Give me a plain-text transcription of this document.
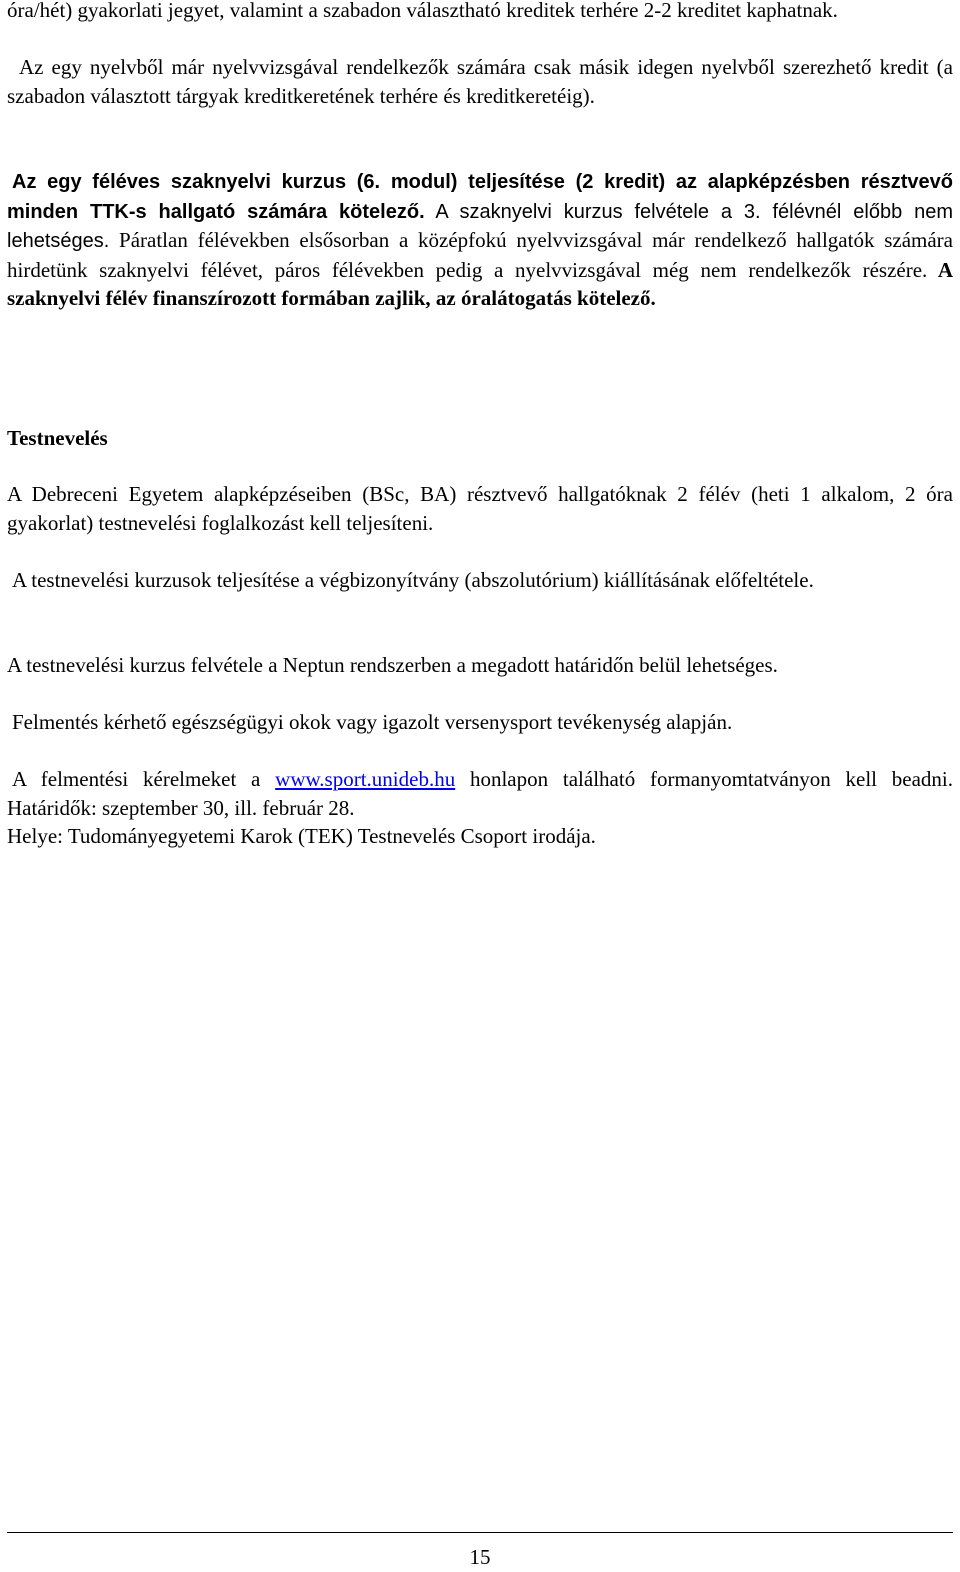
óra/hét) gyakorlati jegyet, valamint a szabadon választható kreditek terhére 2-2 kreditet kaphatnak.

Az egy nyelvből már nyelvvizsgával rendelkezők számára csak másik idegen nyelvből szerezhető kredit (a szabadon választott tárgyak kreditkeretének terhére és kreditkeretéig).

Az egy féléves szaknyelvi kurzus (6. modul) teljesítése (2 kredit) az alapképzésben résztvevő minden TTK-s hallgató számára kötelező. A szaknyelvi kurzus felvétele a 3. félévnél előbb nem lehetséges. Páratlan félévekben elsősorban a középfokú nyelvvizsgával már rendelkező hallgatók számára hirdetünk szaknyelvi félévet, páros félévekben pedig a nyelvvizsgával még nem rendelkezők részére. A szaknyelvi félév finanszírozott formában zajlik, az óralátogatás kötelező.

Testnevelés

A Debreceni Egyetem alapképzéseiben (BSc, BA) résztvevő hallgatóknak 2 félév (heti 1 alkalom, 2 óra gyakorlat) testnevelési foglalkozást kell teljesíteni.

A testnevelési kurzusok teljesítése a végbizonyítvány (abszolutórium) kiállításának előfeltétele.

A testnevelési kurzus felvétele a Neptun rendszerben a megadott határidőn belül lehetséges.

Felmentés kérhető egészségügyi okok vagy igazolt versenysport tevékenység alapján.

A felmentési kérelmeket a www.sport.unideb.hu honlapon található formanyomtatványon kell beadni. Határidők: szeptember 30, ill. február 28.

Helye: Tudományegyetemi Karok (TEK) Testnevelés Csoport irodája.

15
